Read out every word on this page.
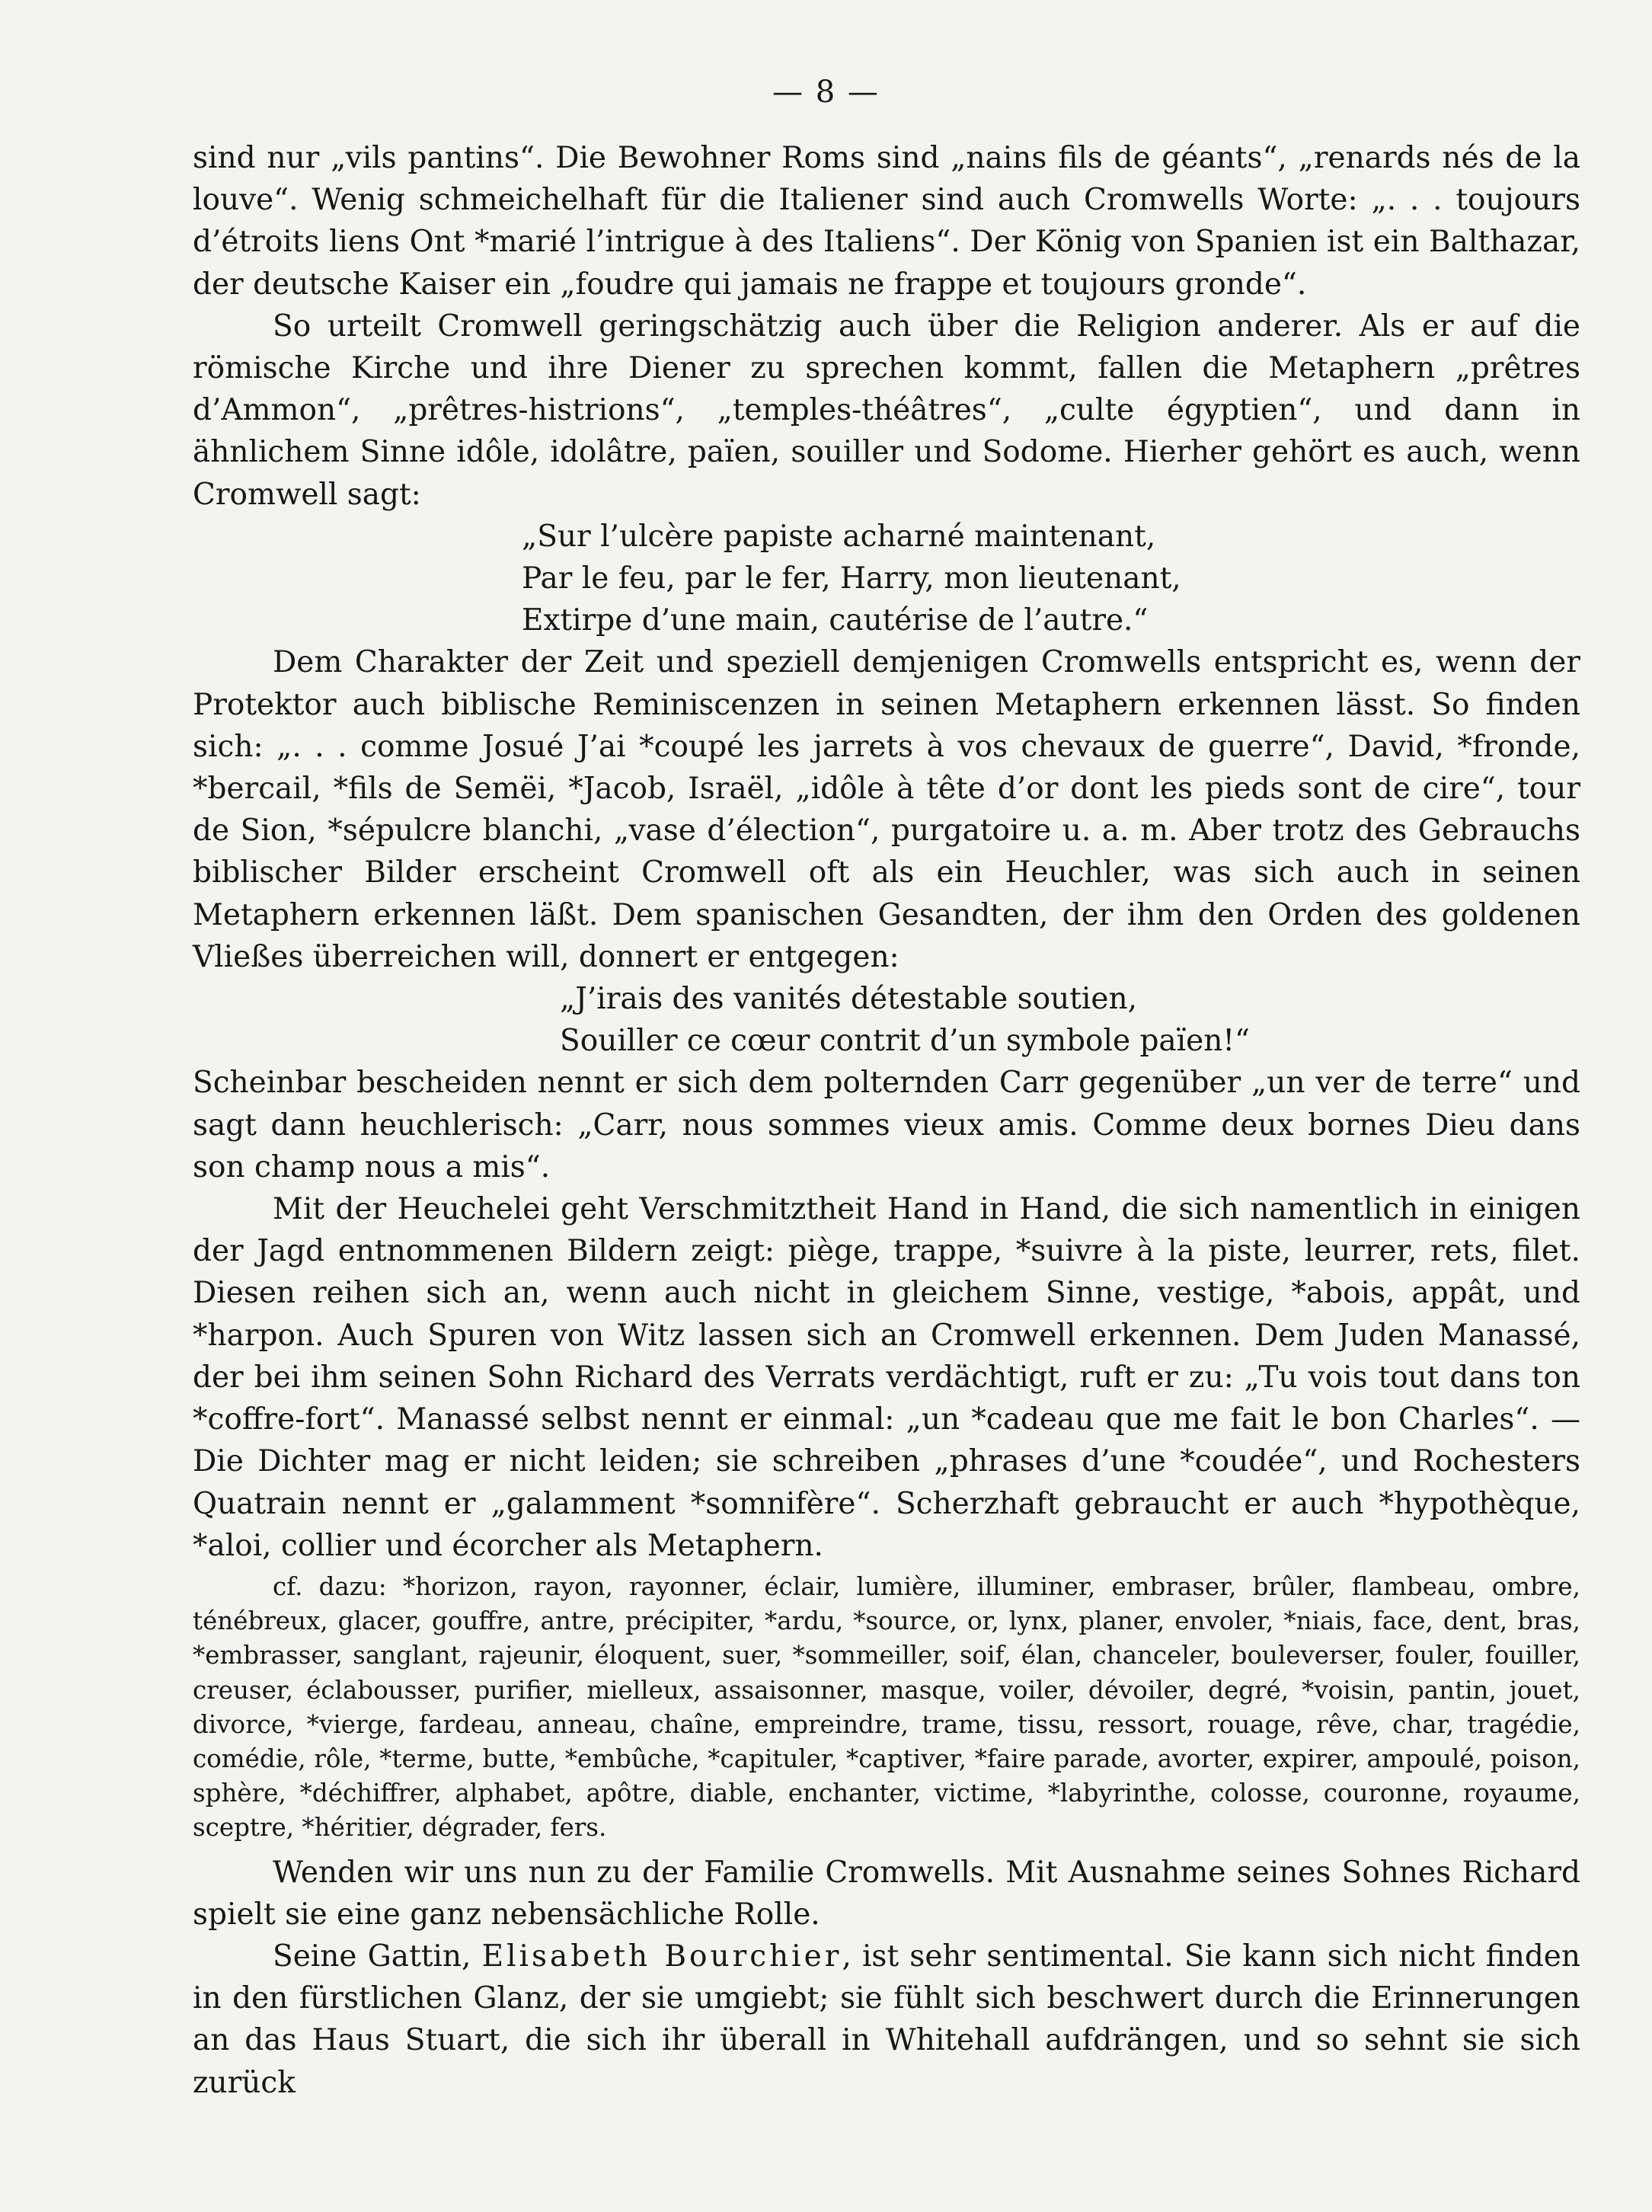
— 8 —

sind nur „vils pantins“. Die Bewohner Roms sind „nains fils de géants“, „renards nés de la louve“. Wenig schmeichelhaft für die Italiener sind auch Cromwells Worte: „. . . toujours d’étroits liens Ont *marié l’intrigue à des Italiens“. Der König von Spanien ist ein Balthazar, der deutsche Kaiser ein „foudre qui jamais ne frappe et toujours gronde“.

So urteilt Cromwell geringschätzig auch über die Religion anderer. Als er auf die römische Kirche und ihre Diener zu sprechen kommt, fallen die Metaphern „prêtres d’Ammon“, „prêtres-histrions“, „temples-théâtres“, „culte égyptien“, und dann in ähnlichem Sinne idôle, idolâtre, païen, souiller und Sodome. Hierher gehört es auch, wenn Cromwell sagt:

„Sur l’ulcère papiste acharné maintenant,

Par le feu, par le fer, Harry, mon lieutenant,

Extirpe d’une main, cautérise de l’autre.“

Dem Charakter der Zeit und speziell demjenigen Cromwells entspricht es, wenn der Protektor auch biblische Reminiscenzen in seinen Metaphern erkennen lässt. So finden sich: „. . . comme Josué J’ai *coupé les jarrets à vos chevaux de guerre“, David, *fronde, *bercail, *fils de Semëi, *Jacob, Israël, „idôle à tête d’or dont les pieds sont de cire“, tour de Sion, *sépulcre blanchi, „vase d’élection“, purgatoire u. a. m. Aber trotz des Gebrauchs biblischer Bilder erscheint Cromwell oft als ein Heuchler, was sich auch in seinen Metaphern erkennen läßt. Dem spanischen Gesandten, der ihm den Orden des goldenen Vließes überreichen will, donnert er entgegen:

„J’irais des vanités détestable soutien,

Souiller ce cœur contrit d’un symbole païen!“

Scheinbar bescheiden nennt er sich dem polternden Carr gegenüber „un ver de terre“ und sagt dann heuchlerisch: „Carr, nous sommes vieux amis. Comme deux bornes Dieu dans son champ nous a mis“.

Mit der Heuchelei geht Verschmitztheit Hand in Hand, die sich namentlich in einigen der Jagd entnommenen Bildern zeigt: piège, trappe, *suivre à la piste, leurrer, rets, filet. Diesen reihen sich an, wenn auch nicht in gleichem Sinne, vestige, *abois, appât, und *harpon. Auch Spuren von Witz lassen sich an Cromwell erkennen. Dem Juden Manassé, der bei ihm seinen Sohn Richard des Verrats verdächtigt, ruft er zu: „Tu vois tout dans ton *coffre-fort“. Manassé selbst nennt er einmal: „un *cadeau que me fait le bon Charles“. — Die Dichter mag er nicht leiden; sie schreiben „phrases d’une *coudée“, und Rochesters Quatrain nennt er „galamment *somnifère“. Scherzhaft gebraucht er auch *hypothèque, *aloi, collier und écorcher als Metaphern.

cf. dazu: *horizon, rayon, rayonner, éclair, lumière, illuminer, embraser, brûler, flambeau, ombre, ténébreux, glacer, gouffre, antre, précipiter, *ardu, *source, or, lynx, planer, envoler, *niais, face, dent, bras, *embrasser, sanglant, rajeunir, éloquent, suer, *sommeiller, soif, élan, chanceler, bouleverser, fouler, fouiller, creuser, éclabousser, purifier, mielleux, assaisonner, masque, voiler, dévoiler, degré, *voisin, pantin, jouet, divorce, *vierge, fardeau, anneau, chaîne, empreindre, trame, tissu, ressort, rouage, rêve, char, tragédie, comédie, rôle, *terme, butte, *embûche, *capituler, *captiver, *faire parade, avorter, expirer, ampoulé, poison, sphère, *déchiffrer, alphabet, apôtre, diable, enchanter, victime, *labyrinthe, colosse, couronne, royaume, sceptre, *héritier, dégrader, fers.

Wenden wir uns nun zu der Familie Cromwells. Mit Ausnahme seines Sohnes Richard spielt sie eine ganz nebensächliche Rolle.

Seine Gattin, Elisabeth Bourchier, ist sehr sentimental. Sie kann sich nicht finden in den fürstlichen Glanz, der sie umgiebt; sie fühlt sich beschwert durch die Erinnerungen an das Haus Stuart, die sich ihr überall in Whitehall aufdrängen, und so sehnt sie sich zurück
